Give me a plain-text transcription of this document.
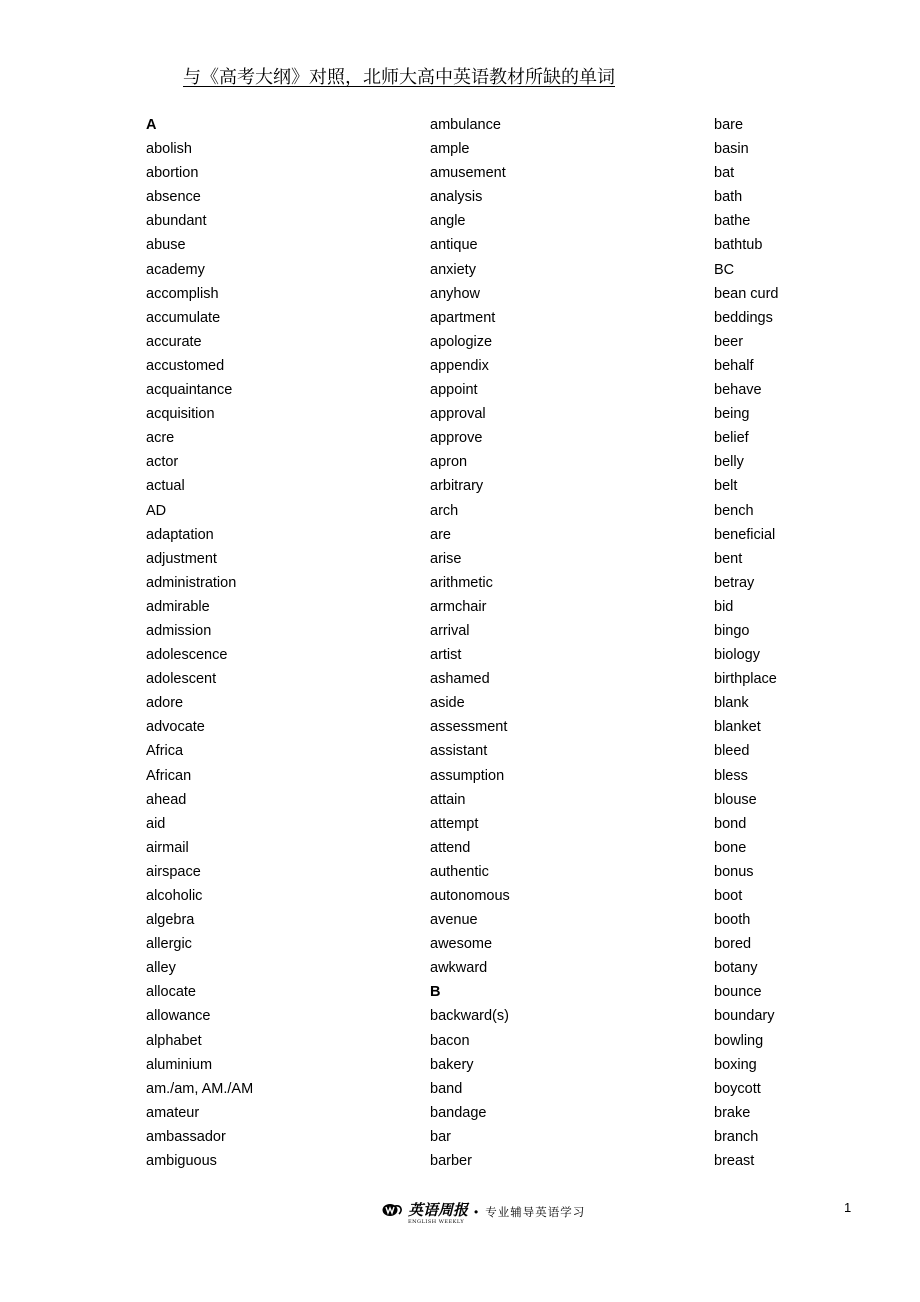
与《高考大纲》对照，北师大高中英语教材所缺的单词
A
abolish
abortion
absence
abundant
abuse
academy
accomplish
accumulate
accurate
accustomed
acquaintance
acquisition
acre
actor
actual
AD
adaptation
adjustment
administration
admirable
admission
adolescence
adolescent
adore
advocate
Africa
African
ahead
aid
airmail
airspace
alcoholic
algebra
allergic
alley
allocate
allowance
alphabet
aluminium
am./am, AM./AM
amateur
ambassador
ambiguous
ambulance
ample
amusement
analysis
angle
antique
anxiety
anyhow
apartment
apologize
appendix
appoint
approval
approve
apron
arbitrary
arch
are
arise
arithmetic
armchair
arrival
artist
ashamed
aside
assessment
assistant
assumption
attain
attempt
attend
authentic
autonomous
avenue
awesome
awkward
B
backward(s)
bacon
bakery
band
bandage
bar
barber
bare
basin
bat
bath
bathe
bathtub
BC
bean curd
beddings
beer
behalf
behave
being
belief
belly
belt
bench
beneficial
bent
betray
bid
bingo
biology
birthplace
blank
blanket
bleed
bless
blouse
bond
bone
bonus
boot
booth
bored
botany
bounce
boundary
bowling
boxing
boycott
brake
branch
breast
英语周报
ENGLISH WEEKLY
• 专业辅导英语学习	1
